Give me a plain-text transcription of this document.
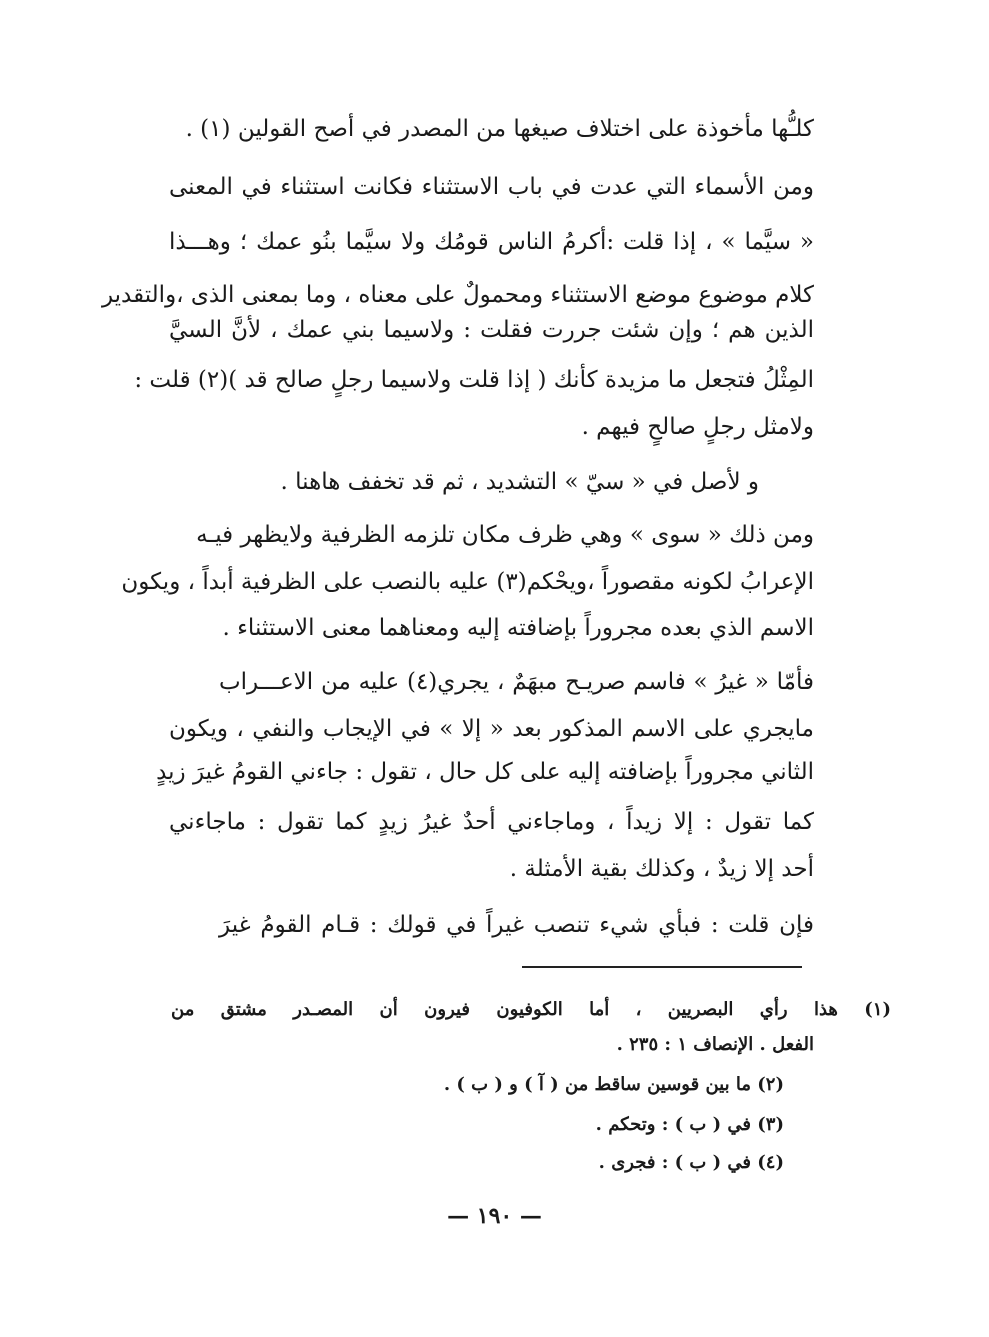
كلـُّها مأخوذة على اختلاف صيغها من المصدر في أصح القولين (١) .
ومن الأسماء التي عدت في باب الاستثناء فكانت استثناء في المعنى
« سيَّما » ، إذا قلت :أكرمُ الناس قومُك ولا سيَّما بنُو عمك ؛ وهـــذا
كلام موضوع موضع الاستثناء ومحمولٌ على معناه ، وما بمعنى الذى ،والتقدير
الذين هم ؛ وإن شئت جررت فقلت : ولاسيما بني عمك ، لأنَّ السيَّ
المِثْلُ فتجعل ما مزيدة كأنك ( إذا قلت ولاسيما رجلٍ صالح قد )(٢) قلت :
ولامثل رجلٍ صالحٍ فيهم .
و لأصل في « سيّ » التشديد ، ثم قد تخفف هاهنا .
ومن ذلك « سوى » وهي ظرف مكان تلزمه الظرفية ولايظهر فيـه
الإعرابُ لكونه مقصوراً ،ويحْكم(٣) عليه بالنصب على الظرفية أبداً ، ويكون
الاسم الذي بعده مجروراً بإضافته إليه ومعناهما معنى الاستثناء .
فأمّا « غيرُ » فاسم صريـح مبهَمٌ ، يجري(٤) عليه من الاعـــراب
مايجري على الاسم المذكور بعد « إلا » في الإيجاب والنفي ، ويكون
الثاني مجروراً بإضافته إليه على كل حال ، تقول : جاءني القومُ غيرَ زيدٍ
كما تقول : إلا زيداً ، وماجاءني أحدٌ غيرُ زيدٍ كما تقول : ماجاءني
أحد إلا زيدٌ ، وكذلك بقية الأمثلة .
فإن قلت : فبأي شيء تنصب غيراً في قولك : قـام القومُ غيرَ
(١) هذا رأي البصريين ، أما الكوفيون فيرون أن المصـدر مشتق من
الفعل . الإنصاف ١ : ٢٣٥ .
(٢) ما بين قوسين ساقط من ( آ ) و ( ب ) .
(٣) في ( ب ) : وتحكم .
(٤) في ( ب ) : فجرى .
— ١٩٠ —
